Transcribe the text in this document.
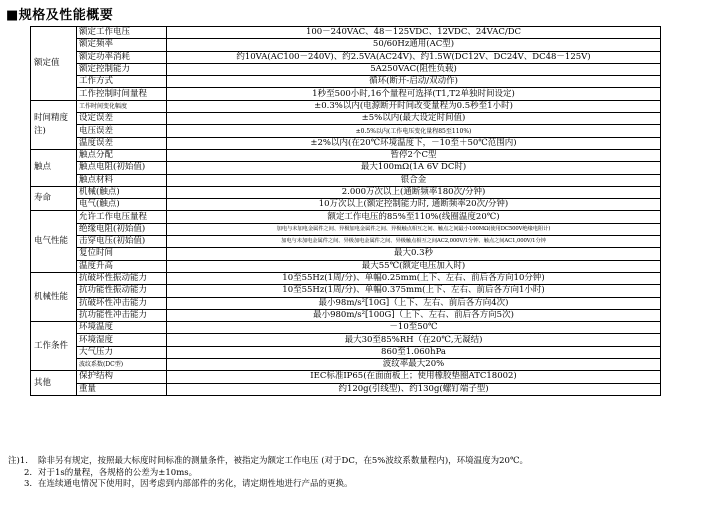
■规格及性能概要
额定值	额定工作电压	100－240VAC、48－125VDC、12VDC、24VAC/DC
	额定频率	50/60Hz通用(AC型)
	额定功率消耗	约10VA(AC100－240V)、约2.5VA(AC24V)、约1.5W(DC12V、DC24V、DC48－125V)
	额定控制能力	5A250VAC(阻性负载)
	工作方式	循环(断开-启动/双动作)
	工作控制时间量程	1秒至500小时,16个量程可选择(T1,T2单独时间设定)
时间精度 注)	工作时间变化幅度	±0.3%以内(电源断开时间改变量程为0.5秒至1小时)
	设定误差	±5%以内(最大设定时间值)
	电压误差	±0.5%以内(工作电压变化量程85至110%)
	温度误差	±2%以内(在20℃环境温度下，－10至＋50℃范围内)
触点	触点分配	暂停2个C型
	触点电阻(初始值)	最大100mΩ(1A 6V DC时)
	触点材料	银合金
寿命	机械(触点)	2.000万次以上(通断频率180次/分钟)
	电气(触点)	10万次以上(额定控制能力时, 通断频率20次/分钟)
电气性能	允许工作电压量程	额定工作电压的85%至110%(线圈温度20℃)
	绝缘电阻(初始值)	加电与未加电金属件之间、异极加电金属件之间、异极触点相互之间、触点之间最小100MΩ(使用DC500V绝缘电阻计)
	击穿电压(初始值)	加电与未加电金属件之间、异极加电金属件之间、异极触点相互之间AC2,000V/1分钟、触点之间AC1,000V/1分钟
	复位时间	最大0.3秒
	温度升高	最大55℃(额定电压加入时)
机械性能	抗破坏性振动能力	10至55Hz(1周/分)、单幅0.25mm(上下、左右、前后各方向10分钟)
	抗功能性振动能力	10至55Hz(1周/分)、单幅0.375mm(上下、左右、前后各方向1小时)
	抗破坏性冲击能力	最小98m/s²[10G]（上下、左右、前后各方向4次)
	抗功能性冲击能力	最小980m/s²[100G]（上下、左右、前后各方向5次)
工作条件	环境温度	－10至50℃
	环境湿度	最大30至85%RH（在20℃,无凝结)
	大气压力	860至1.060hPa
	波纹系数(DC型)	波纹率最大20%
其他	保护结构	IEC标准IP65(在面面板上；使用橡胶垫圈ATC18002)
	重量	约120g(引线型)、约130g(螺钉端子型)
注)1. 除非另有规定，按照最大标度时间标准的测量条件，被指定为额定工作电压 (对于DC，在5%波纹系数量程内)，环境温度为20℃。
2. 对于1s的量程，各规格的公差为±10ms。
3. 在连续通电情况下使用时，因考虑到内部部件的劣化，请定期性地进行产品的更换。
